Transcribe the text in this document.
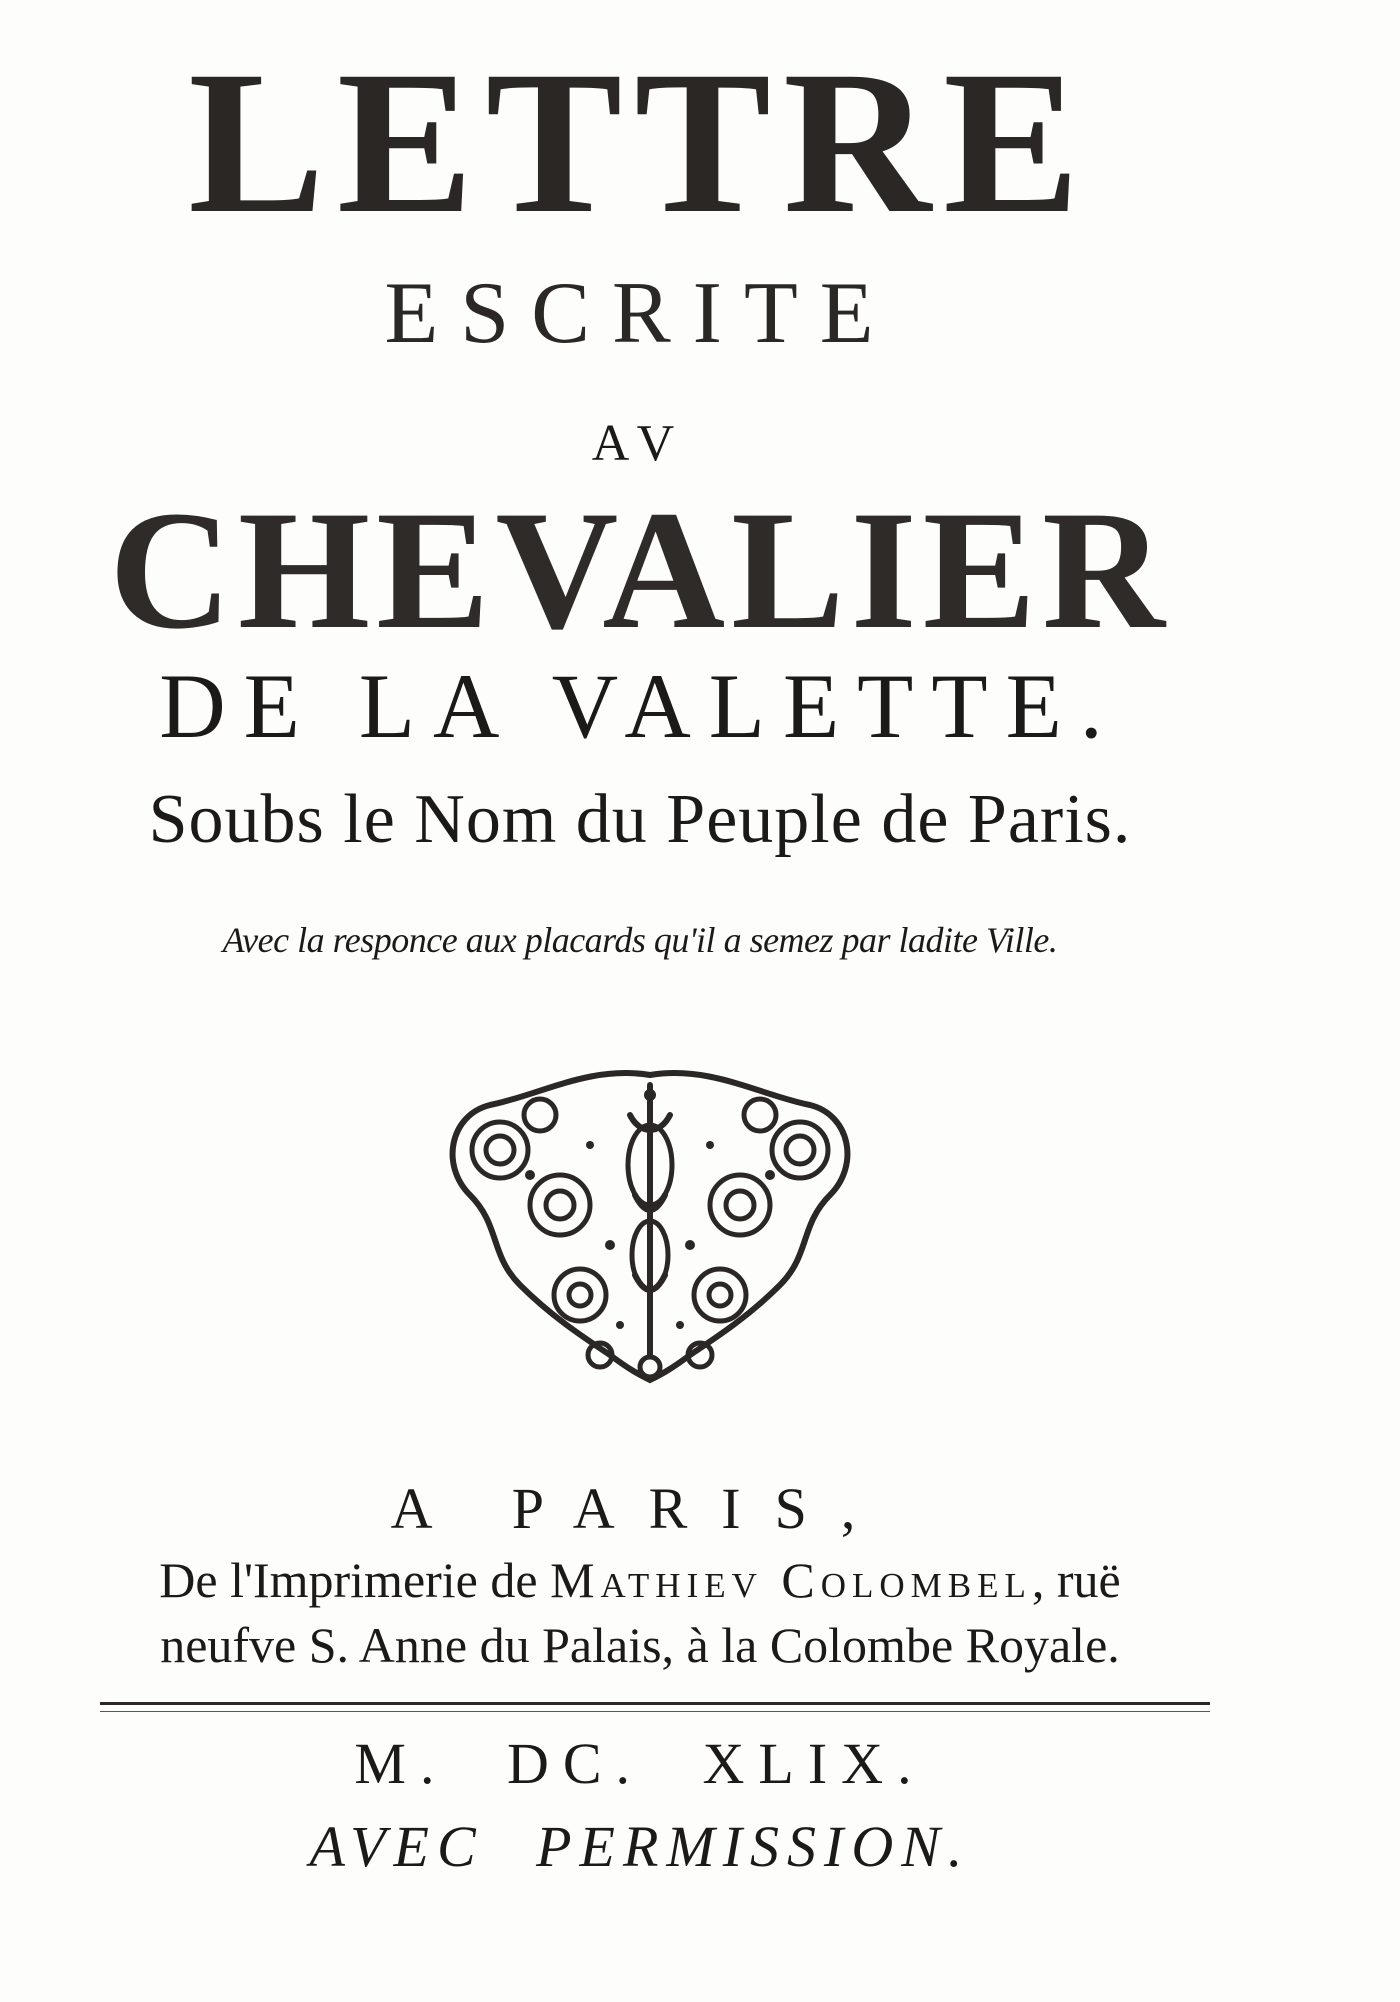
LETTRE
ESCRITE
AV
CHEVALIER
DE LA VALETTE.
Soubs le Nom du Peuple de Paris.
Avec la responce aux placards qu'il a semez par ladite Ville.
A PARIS,
De l'Imprimerie de Mathiev Colombel, ruë
neufve S. Anne du Palais, à la Colombe Royale.
M. DC. XLIX.
AVEC PERMISSION.
